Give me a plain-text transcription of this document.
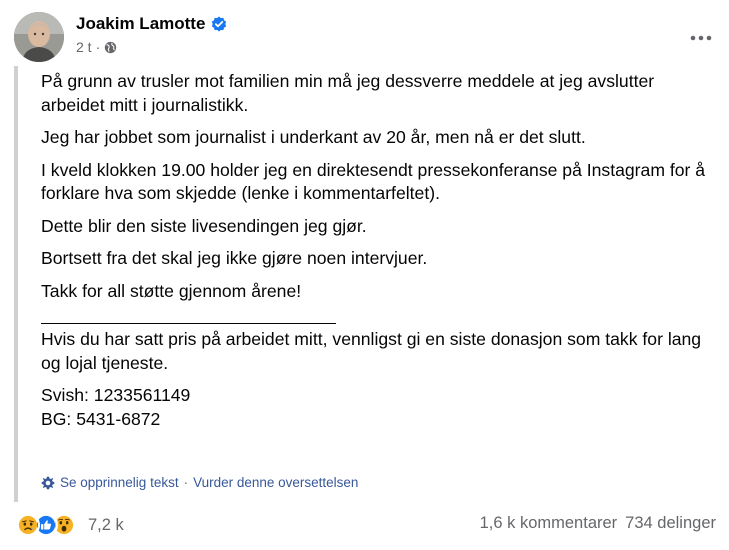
Joakim Lamotte
2 t ·

På grunn av trusler mot familien min må jeg dessverre meddele at jeg avslutter arbeidet mitt i journalistikk.

Jeg har jobbet som journalist i underkant av 20 år, men nå er det slutt.

I kveld klokken 19.00 holder jeg en direktesendt pressekonferanse på Instagram for å forklare hva som skjedde (lenke i kommentarfeltet).

Dette blir den siste livesendingen jeg gjør.

Bortsett fra det skal jeg ikke gjøre noen intervjuer.

Takk for all støtte gjennom årene!

Hvis du har satt pris på arbeidet mitt, vennligst gi en siste donasjon som takk for lang og lojal tjeneste.

Svish: 1233561149

BG: 5431-6872

Se opprinnelig tekst · Vurder denne oversettelsen
7,2 k	1,6 k kommentarer 734 delinger
